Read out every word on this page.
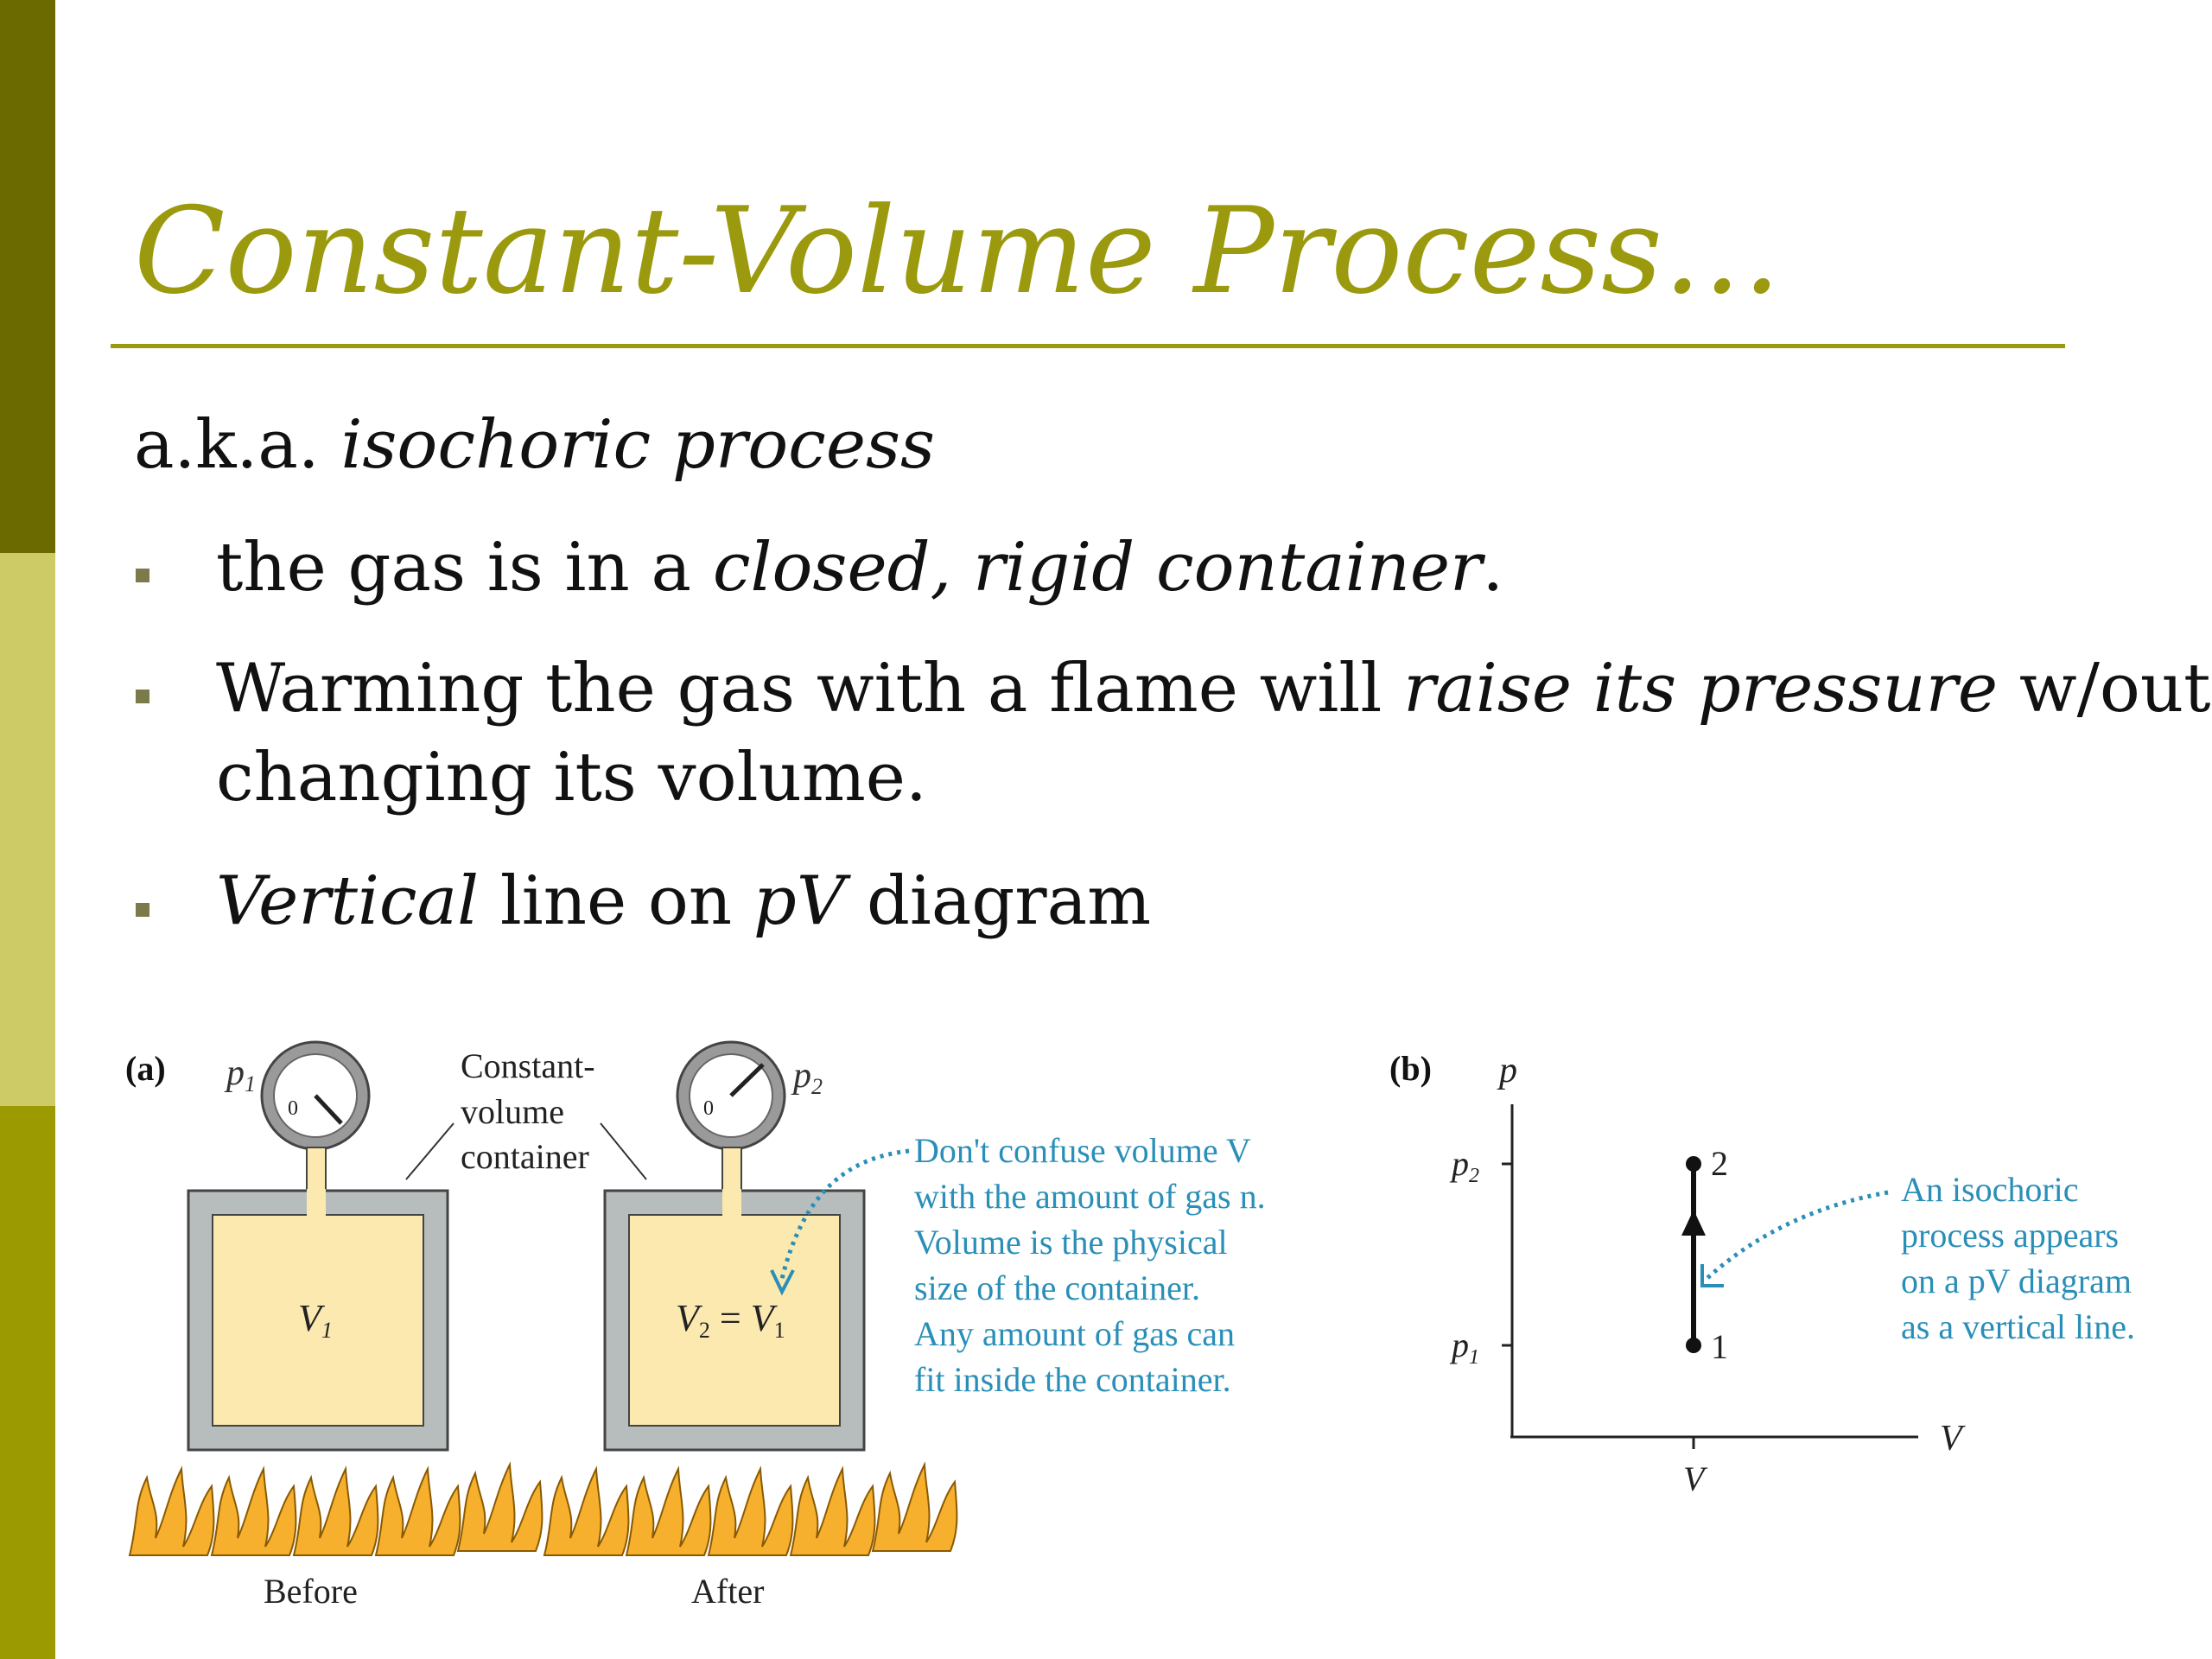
Constant-Volume Process…
a.k.a. isochoric process
the gas is in a closed, rigid container.
Warming the gas with a flame will raise its pressure w/out
changing its volume.
Vertical line on pV diagram
(a) p1
0
V1
Constant- volume container
0
p2
V2 = V1
Before	After
Don't confuse volume V with the amount of gas n. Volume is the physical size of the container. Any amount of gas can fit inside the container.
(b) p
V
$p_2$
$p_1$
V
1
2
An isochoric process appears on a pV diagram as a vertical line.
